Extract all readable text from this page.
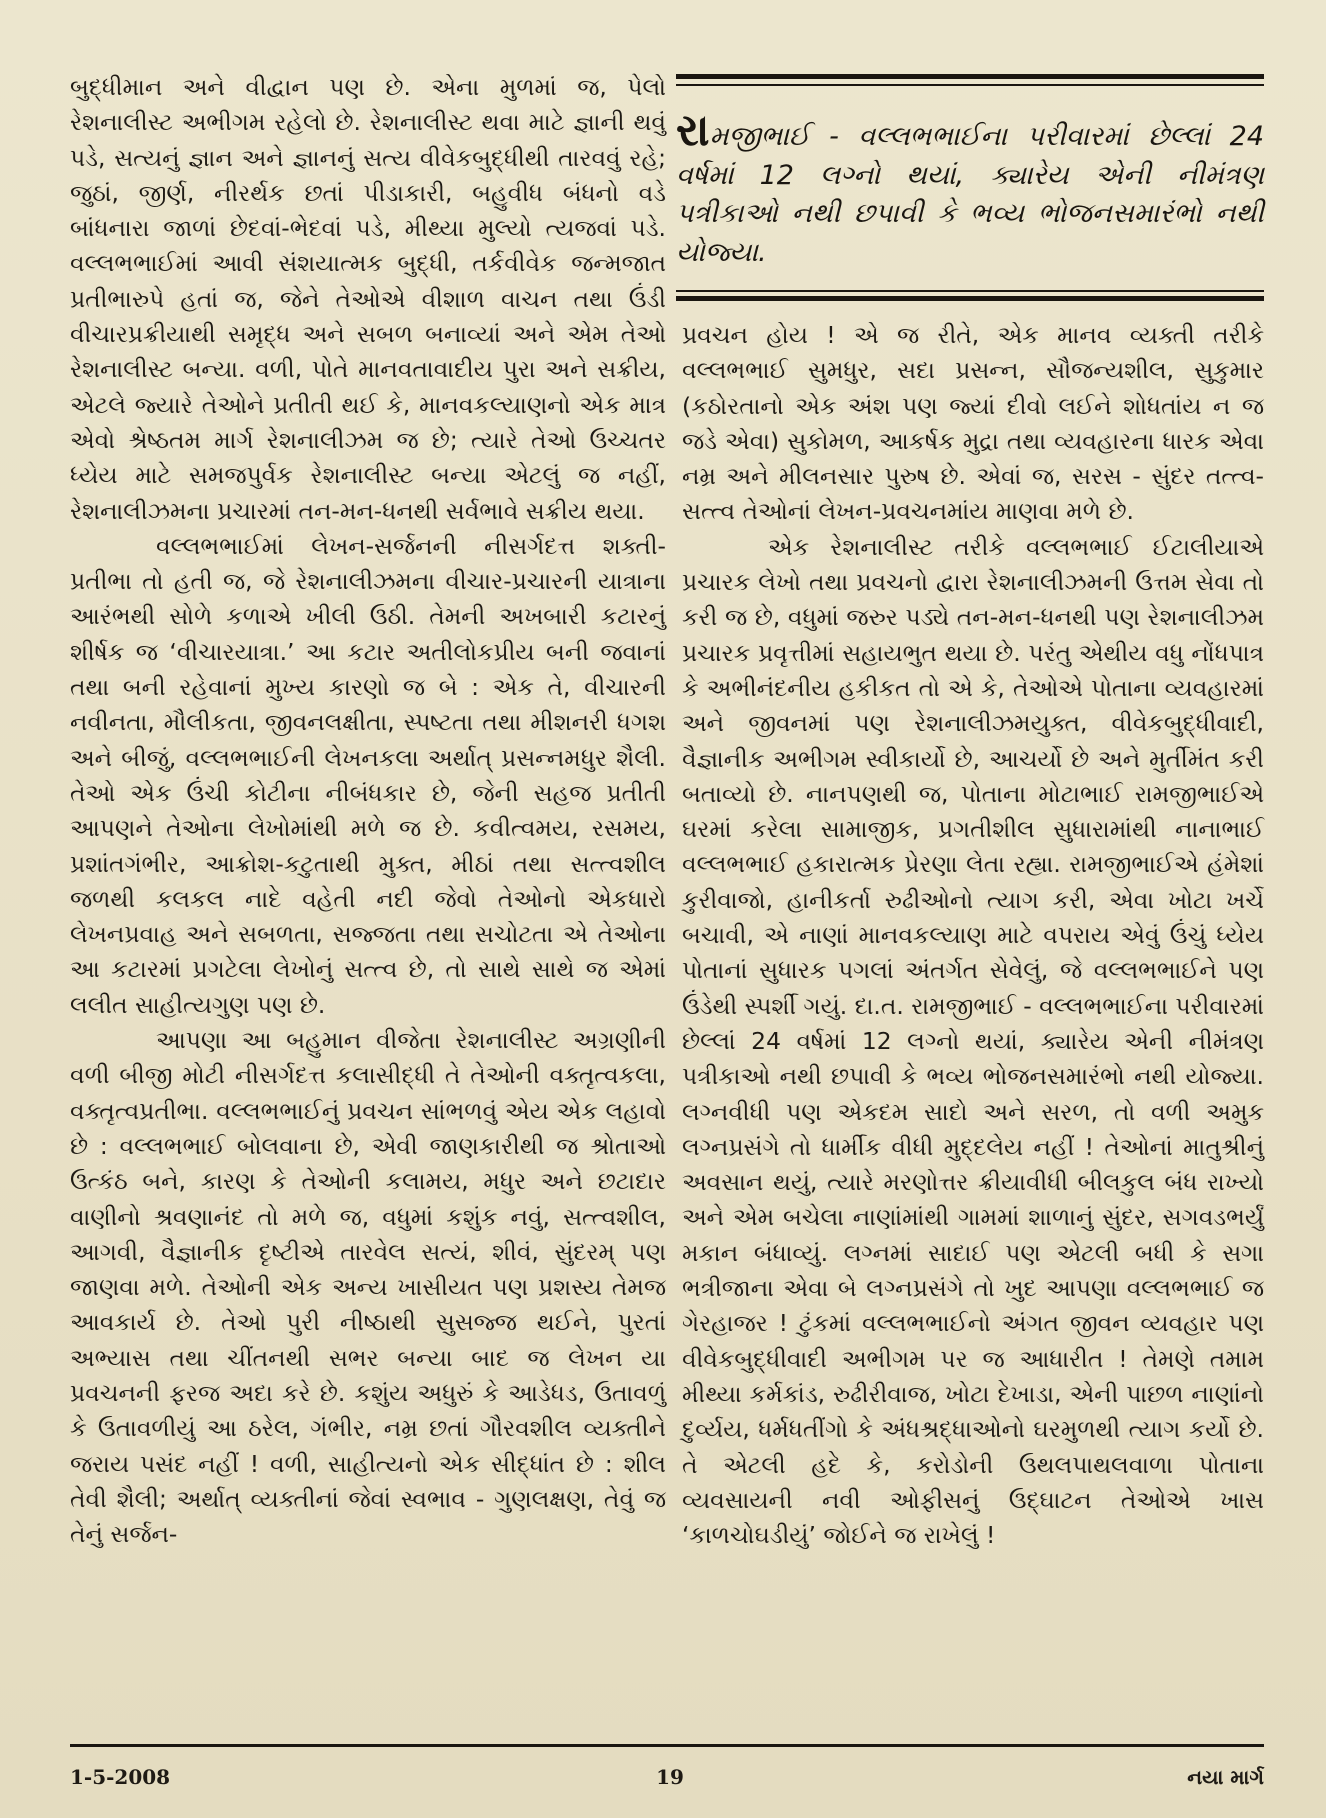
બુદ્ધીમાન અને વીદ્વાન પણ છે. એના મુળમાં જ, પેલો રેશનાલીસ્ટ અભીગમ રહેલો છે. રેશનાલીસ્ટ થવા માટે જ્ઞાની થવું પડે, સત્યનું જ્ઞાન અને જ્ઞાનનું સત્ય વીવેકબુદ્ધીથી તારવવું રહે; જુઠાં, જીર્ણ, નીરર્થક છતાં પીડાકારી, બહુવીધ બંધનો વડે બાંધનારા જાળાં છેદવાં-ભેદવાં પડે, મીથ્યા મુલ્યો ત્યજવાં પડે. વલ્લભભાઈમાં આવી સંશયાત્મક બુદ્ધી, તર્કવીવેક જન્મજાત પ્રતીભારુપે હતાં જ, જેને તેઓએ વીશાળ વાચન તથા ઉંડી વીચારપ્રક્રીયાથી સમૃદ્ધ અને સબળ બનાવ્યાં અને એમ તેઓ રેશનાલીસ્ટ બન્યા. વળી, પોતે માનવતાવાદીય પુરા અને સક્રીય, એટલે જ્યારે તેઓને પ્રતીતી થઈ કે, માનવકલ્યાણનો એક માત્ર એવો શ્રેષ્ઠતમ માર્ગ રેશનાલીઝમ જ છે; ત્યારે તેઓ ઉચ્ચતર ધ્યેય માટે સમજપુર્વક રેશનાલીસ્ટ બન્યા એટલું જ નહીં, રેશનાલીઝમના પ્રચારમાં તન-મન-ધનથી સર્વભાવે સક્રીય થયા.

વલ્લભભાઈમાં લેખન-સર્જનની નીસર્ગદત્ત શક્તી-પ્રતીભા તો હતી જ, જે રેશનાલીઝમના વીચાર-પ્રચારની યાત્રાના આરંભથી સોળે કળાએ ખીલી ઉઠી. તેમની અખબારી કટારનું શીર્ષક જ ‘વીચારયાત્રા.’ આ કટાર અતીલોકપ્રીય બની જવાનાં તથા બની રહેવાનાં મુખ્ય કારણો જ બે : એક તે, વીચારની નવીનતા, મૌલીકતા, જીવનલક્ષીતા, સ્પષ્ટતા તથા મીશનરી ધગશ અને બીજું, વલ્લભભાઈની લેખનકલા અર્થાત્ પ્રસન્નમધુર શૈલી. તેઓ એક ઉંચી કોટીના નીબંધકાર છે, જેની સહજ પ્રતીતી આપણને તેઓના લેખોમાંથી મળે જ છે. કવીત્વમય, રસમય, પ્રશાંતગંભીર, આક્રોશ-કટુતાથી મુક્ત, મીઠાં તથા સત્ત્વશીલ જળથી કલકલ નાદે વહેતી નદી જેવો તેઓનો એકધારો લેખનપ્રવાહ અને સબળતા, સજ્જતા તથા સચોટતા એ તેઓના આ કટારમાં પ્રગટેલા લેખોનું સત્ત્વ છે, તો સાથે સાથે જ એમાં લલીત સાહીત્યગુણ પણ છે.

આપણા આ બહુમાન વીજેતા રેશનાલીસ્ટ અગ્રણીની વળી બીજી મોટી નીસર્ગદત્ત કલાસીદ્ધી તે તેઓની વક્તૃત્વકલા, વક્તૃત્વપ્રતીભા. વલ્લભભાઈનું પ્રવચન સાંભળવું એય એક લહાવો છે : વલ્લભભાઈ બોલવાના છે, એવી જાણકારીથી જ શ્રોતાઓ ઉત્કંઠ બને, કારણ કે તેઓની કલામય, મધુર અને છટાદાર વાણીનો શ્રવણાનંદ તો મળે જ, વધુમાં કશુંક નવું, સત્ત્વશીલ, આગવી, વૈજ્ઞાનીક દૃષ્ટીએ તારવેલ સત્યં, શીવં, સુંદરમ્ પણ જાણવા મળે. તેઓની એક અન્ય ખાસીયત પણ પ્રશસ્ય તેમજ આવકાર્ય છે. તેઓ પુરી નીષ્ઠાથી સુસજ્જ થઈને, પુરતાં અભ્યાસ તથા ચીંતનથી સભર બન્યા બાદ જ લેખન યા પ્રવચનની ફરજ અદા કરે છે. કશુંય અધુરું કે આડેધડ, ઉતાવળું કે ઉતાવળીયું આ ઠરેલ, ગંભીર, નમ્ર છતાં ગૌરવશીલ વ્યક્તીને જરાય પસંદ નહીં ! વળી, સાહીત્યનો એક સીદ્ધાંત છે : શીલ તેવી શૈલી; અર્થાત્ વ્યક્તીનાં જેવાં સ્વભાવ - ગુણલક્ષણ, તેવું જ તેનું સર્જન-

રામજીભાઈ - વલ્લભભાઈના પરીવારમાં છેલ્લાં 24 વર્ષમાં 12 લગ્નો થયાં, ક્યારેય એની નીમંત્રણ પત્રીકાઓ નથી છપાવી કે ભવ્ય ભોજનસમારંભો નથી યોજ્યા.

પ્રવચન હોય ! એ જ રીતે, એક માનવ વ્યક્તી તરીકે વલ્લભભાઈ સુમધુર, સદા પ્રસન્ન, સૌજન્યશીલ, સુકુમાર (કઠોરતાનો એક અંશ પણ જ્યાં દીવો લઈને શોધતાંય ન જ જડે એવા) સુકોમળ, આકર્ષક મુદ્રા તથા વ્યવહારના ધારક એવા નમ્ર અને મીલનસાર પુરુષ છે. એવાં જ, સરસ - સુંદર તત્ત્વ-સત્ત્વ તેઓનાં લેખન-પ્રવચનમાંય માણવા મળે છે.

એક રેશનાલીસ્ટ તરીકે વલ્લભભાઈ ઈટાલીયાએ પ્રચારક લેખો તથા પ્રવચનો દ્વારા રેશનાલીઝમની ઉત્તમ સેવા તો કરી જ છે, વધુમાં જરુર પડ્યે તન-મન-ધનથી પણ રેશનાલીઝમ પ્રચારક પ્રવૃત્તીમાં સહાયભુત થયા છે. પરંતુ એથીય વધુ નોંધપાત્ર કે અભીનંદનીય હકીકત તો એ કે, તેઓએ પોતાના વ્યવહારમાં અને જીવનમાં પણ રેશનાલીઝમયુક્ત, વીવેકબુદ્ધીવાદી, વૈજ્ઞાનીક અભીગમ સ્વીકાર્યો છે, આચર્યો છે અને મુર્તીમંત કરી બતાવ્યો છે. નાનપણથી જ, પોતાના મોટાભાઈ રામજીભાઈએ ઘરમાં કરેલા સામાજીક, પ્રગતીશીલ સુધારામાંથી નાનાભાઈ વલ્લભભાઈ હકારાત્મક પ્રેરણા લેતા રહ્યા. રામજીભાઈએ હંમેશાં કુરીવાજો, હાનીકર્તા રુઢીઓનો ત્યાગ કરી, એવા ખોટા ખર્ચે બચાવી, એ નાણાં માનવકલ્યાણ માટે વપરાય એવું ઉંચું ધ્યેય પોતાનાં સુધારક પગલાં અંતર્ગત સેવેલું, જે વલ્લભભાઈને પણ ઉંડેથી સ્પર્શી ગયું. દા.ત. રામજીભાઈ - વલ્લભભાઈના પરીવારમાં છેલ્લાં 24 વર્ષમાં 12 લગ્નો થયાં, ક્યારેય એની નીમંત્રણ પત્રીકાઓ નથી છપાવી કે ભવ્ય ભોજનસમારંભો નથી યોજ્યા. લગ્નવીધી પણ એકદમ સાદો અને સરળ, તો વળી અમુક લગ્નપ્રસંગે તો ધાર્મીક વીધી મુદ્દલેય નહીં ! તેઓનાં માતુશ્રીનું અવસાન થયું, ત્યારે મરણોત્તર ક્રીયાવીધી બીલકુલ બંધ રાખ્યો અને એમ બચેલા નાણાંમાંથી ગામમાં શાળાનું સુંદર, સગવડભર્યું મકાન બંધાવ્યું. લગ્નમાં સાદાઈ પણ એટલી બધી કે સગા ભત્રીજાના એવા બે લગ્નપ્રસંગે તો ખુદ આપણા વલ્લભભાઈ જ ગેરહાજર ! ટુંકમાં વલ્લભભાઈનો અંગત જીવન વ્યવહાર પણ વીવેકબુદ્ધીવાદી અભીગમ પર જ આધારીત ! તેમણે તમામ મીથ્યા કર્મકાંડ, રુઢીરીવાજ, ખોટા દેખાડા, એની પાછળ નાણાંનો દુર્વ્યય, ધર્મધતીંગો કે અંધશ્રદ્ધાઓનો ઘરમુળથી ત્યાગ કર્યો છે. તે એટલી હદે કે, કરોડોની ઉથલપાથલવાળા પોતાના વ્યવસાયની નવી ઓફીસનું ઉદ્ઘાટન તેઓએ ખાસ ‘કાળચોઘડીયું’ જોઈને જ રાખેલું !

1-5-2008	19	નયા માર્ગ
